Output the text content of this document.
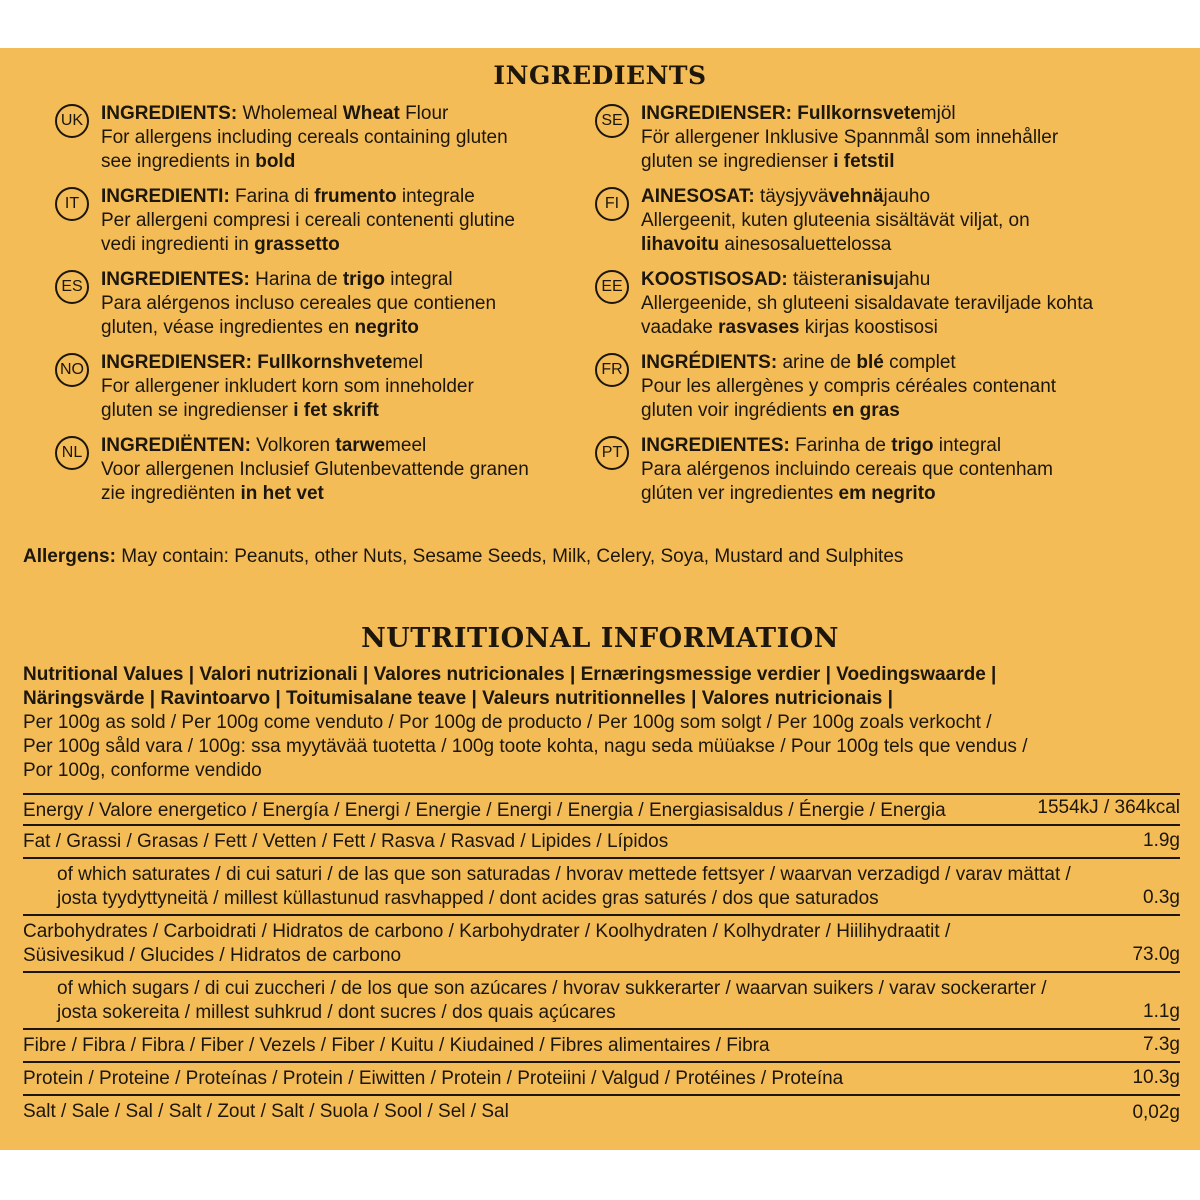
INGREDIENTS
UK INGREDIENTS: Wholemeal Wheat Flour

For allergens including cereals containing gluten

see ingredients in bold

IT	INGREDIENTI: Farina di frumento integrale

Per allergeni compresi i cereali contenenti glutine

vedi ingredienti in grassetto

ES INGREDIENTES: Harina de trigo integral

Para alérgenos incluso cereales que contienen

gluten, véase ingredientes en negrito

NO INGREDIENSER: Fullkornshvetemel

For allergener inkludert korn som inneholder

gluten se ingredienser i fet skrift

NL INGREDIËNTEN: Volkoren tarwemeel

Voor allergenen Inclusief Glutenbevattende granen

zie ingrediënten in het vet

SE INGREDIENSER: Fullkornsvetemjöl

För allergener Inklusive Spannmål som innehåller

gluten se ingredienser i fetstil

FI	AINESOSAT: täysjyvävehnäjauho

Allergeenit, kuten gluteenia sisältävät viljat, on

lihavoitu ainesosaluettelossa

EE KOOSTISOSAD: täisteranisujahu

Allergeenide, sh gluteeni sisaldavate teraviljade kohta

vaadake rasvases kirjas koostisosi

FR INGRÉDIENTS: arine de blé complet

Pour les allergènes y compris céréales contenant

gluten voir ingrédients en gras

PT INGREDIENTES: Farinha de trigo integral

Para alérgenos incluindo cereais que contenham

glúten ver ingredientes em negrito

Allergens: May contain: Peanuts, other Nuts, Sesame Seeds, Milk, Celery, Soya, Mustard and Sulphites
NUTRITIONAL INFORMATION

Nutritional Values | Valori nutrizionali | Valores nutricionales | Ernæringsmessige verdier | Voedingswaarde |

Näringsvärde | Ravintoarvo | Toitumisalane teave | Valeurs nutritionnelles | Valores nutricionais |

Per 100g as sold / Per 100g come venduto / Por 100g de producto / Per 100g som solgt / Per 100g zoals verkocht /

Per 100g såld vara / 100g: ssa myytävää tuotetta / 100g toote kohta, nagu seda müüakse / Pour 100g tels que vendus /

Por 100g, conforme vendido

Energy / Valore energetico / Energía / Energi / Energie / Energi / Energia / Energiasisaldus / Énergie / Energia	1554kJ / 364kcal
Fat / Grassi / Grasas / Fett / Vetten / Fett / Rasva / Rasvad / Lipides / Lípidos	1.9g
of which saturates / di cui saturi / de las que son saturadas / hvorav mettede fettsyer / waarvan verzadigd / varav mättat /
josta tyydyttyneitä / millest küllastunud rasvhapped / dont acides gras saturés / dos que saturados	0.3g
Carbohydrates / Carboidrati / Hidratos de carbono / Karbohydrater / Koolhydraten / Kolhydrater / Hiilihydraatit /
Süsivesikud / Glucides / Hidratos de carbono	73.0g
of which sugars / di cui zuccheri / de los que son azúcares / hvorav sukkerarter / waarvan suikers / varav sockerarter /
josta sokereita / millest suhkrud / dont sucres / dos quais açúcares	1.1g
Fibre / Fibra / Fibra / Fiber / Vezels / Fiber / Kuitu / Kiudained / Fibres alimentaires / Fibra	7.3g
Protein / Proteine / Proteínas / Protein / Eiwitten / Protein / Proteiini / Valgud / Protéines / Proteína	10.3g
Salt / Sale / Sal / Salt / Zout / Salt / Suola / Sool / Sel / Sal	0,02g
